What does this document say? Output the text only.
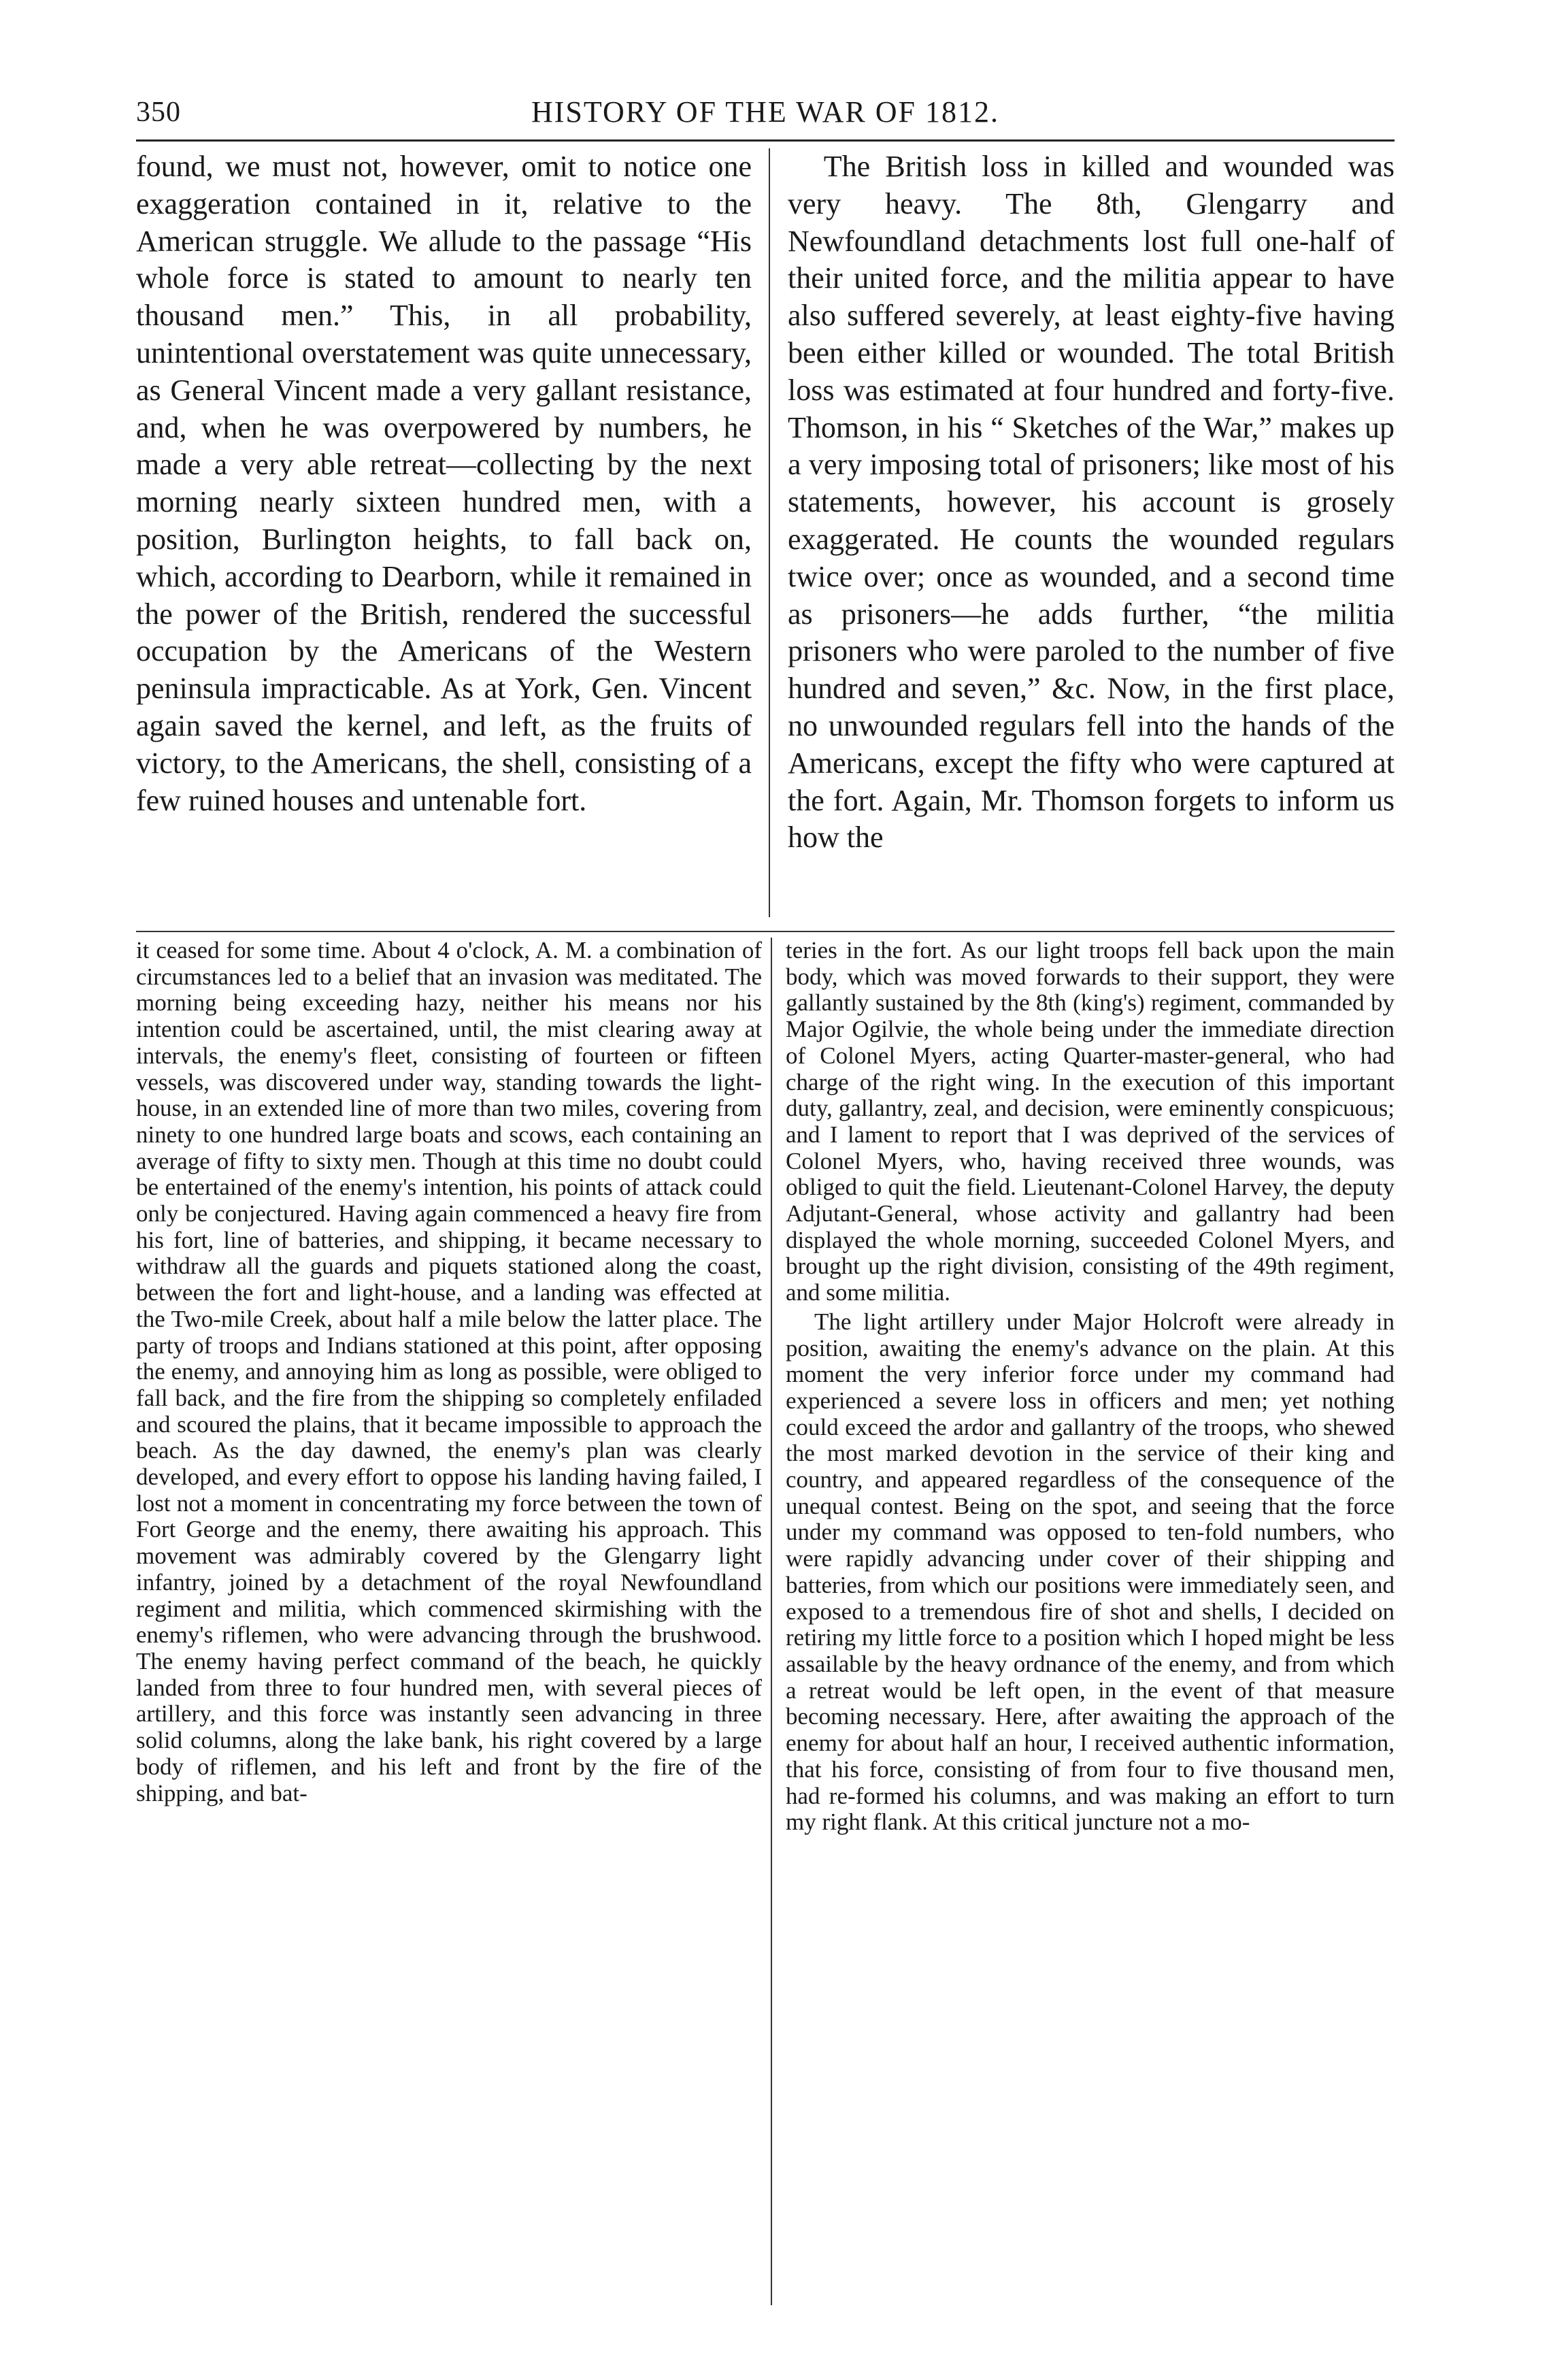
350	HISTORY OF THE WAR OF 1812.

found, we must not, however, omit to notice one exaggeration contained in it, relative to the American struggle. We allude to the passage “His whole force is stated to amount to nearly ten thousand men.” This, in all probability, unintentional overstatement was quite unnecessary, as General Vincent made a very gallant resistance, and, when he was overpowered by numbers, he made a very able retreat—collecting by the next morning nearly sixteen hundred men, with a position, Burlington heights, to fall back on, which, according to Dearborn, while it remained in the power of the British, rendered the successful occupation by the Americans of the Western peninsula impracticable. As at York, Gen. Vincent again saved the kernel, and left, as the fruits of victory, to the Americans, the shell, consisting of a few ruined houses and untenable fort.

The British loss in killed and wounded was very heavy. The 8th, Glengarry and Newfoundland detachments lost full one-half of their united force, and the militia appear to have also suffered severely, at least eighty-five having been either killed or wounded. The total British loss was estimated at four hundred and forty-five. Thomson, in his “ Sketches of the War,” makes up a very imposing total of prisoners; like most of his statements, however, his account is grosely exaggerated. He counts the wounded regulars twice over; once as wounded, and a second time as prisoners—he adds further, “the militia prisoners who were paroled to the number of five hundred and seven,” &c. Now, in the first place, no unwounded regulars fell into the hands of the Americans, except the fifty who were captured at the fort. Again, Mr. Thomson forgets to inform us how the

it ceased for some time. About 4 o'clock, A. M. a combination of circumstances led to a belief that an invasion was meditated. The morning being exceeding hazy, neither his means nor his intention could be ascertained, until, the mist clearing away at intervals, the enemy's fleet, consisting of fourteen or fifteen vessels, was discovered under way, standing towards the light-house, in an extended line of more than two miles, covering from ninety to one hundred large boats and scows, each containing an average of fifty to sixty men. Though at this time no doubt could be entertained of the enemy's intention, his points of attack could only be conjectured. Having again commenced a heavy fire from his fort, line of batteries, and shipping, it became necessary to withdraw all the guards and piquets stationed along the coast, between the fort and light-house, and a landing was effected at the Two-mile Creek, about half a mile below the latter place. The party of troops and Indians stationed at this point, after opposing the enemy, and annoying him as long as possible, were obliged to fall back, and the fire from the shipping so completely enfiladed and scoured the plains, that it became impossible to approach the beach. As the day dawned, the enemy's plan was clearly developed, and every effort to oppose his landing having failed, I lost not a moment in concentrating my force between the town of Fort George and the enemy, there awaiting his approach. This movement was admirably covered by the Glengarry light infantry, joined by a detachment of the royal Newfoundland regiment and militia, which commenced skirmishing with the enemy's riflemen, who were advancing through the brushwood. The enemy having perfect command of the beach, he quickly landed from three to four hundred men, with several pieces of artillery, and this force was instantly seen advancing in three solid columns, along the lake bank, his right covered by a large body of riflemen, and his left and front by the fire of the shipping, and bat-

teries in the fort. As our light troops fell back upon the main body, which was moved forwards to their support, they were gallantly sustained by the 8th (king's) regiment, commanded by Major Ogilvie, the whole being under the immediate direction of Colonel Myers, acting Quarter-master-general, who had charge of the right wing. In the execution of this important duty, gallantry, zeal, and decision, were eminently conspicuous; and I lament to report that I was deprived of the services of Colonel Myers, who, having received three wounds, was obliged to quit the field. Lieutenant-Colonel Harvey, the deputy Adjutant-General, whose activity and gallantry had been displayed the whole morning, succeeded Colonel Myers, and brought up the right division, consisting of the 49th regiment, and some militia.

The light artillery under Major Holcroft were already in position, awaiting the enemy's advance on the plain. At this moment the very inferior force under my command had experienced a severe loss in officers and men; yet nothing could exceed the ardor and gallantry of the troops, who shewed the most marked devotion in the service of their king and country, and appeared regardless of the consequence of the unequal contest. Being on the spot, and seeing that the force under my command was opposed to ten-fold numbers, who were rapidly advancing under cover of their shipping and batteries, from which our positions were immediately seen, and exposed to a tremendous fire of shot and shells, I decided on retiring my little force to a position which I hoped might be less assailable by the heavy ordnance of the enemy, and from which a retreat would be left open, in the event of that measure becoming necessary. Here, after awaiting the approach of the enemy for about half an hour, I received authentic information, that his force, consisting of from four to five thousand men, had re-formed his columns, and was making an effort to turn my right flank. At this critical juncture not a mo-
